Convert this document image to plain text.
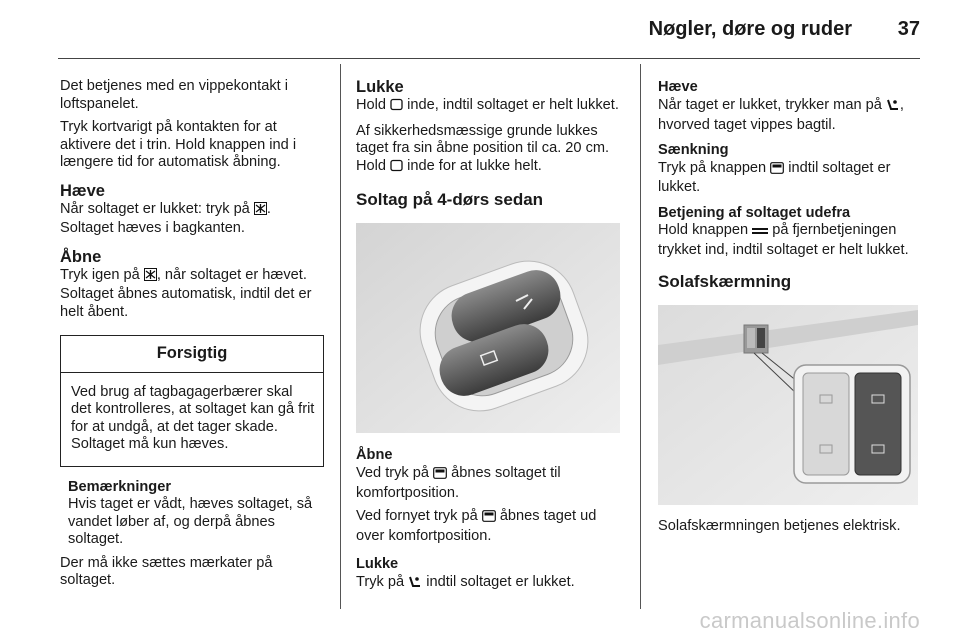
Nøgler, døre og ruder 37

Det betjenes med en vippekontakt i loftspanelet.

Tryk kortvarigt på kontakten for at aktivere det i trin. Hold knappen ind i længere tid for automatisk åbning.

Hæve

Når soltaget er lukket: tryk på . Soltaget hæves i bagkanten.

Åbne

Tryk igen på , når soltaget er hævet. Soltaget åbnes automatisk, indtil det er helt åbent.

Forsigtig
Ved brug af tagbagagerbærer skal det kontrolleres, at soltaget kan gå frit for at undgå, at det tager skade. Soltaget må kun hæves.
Bemærkninger

Hvis taget er vådt, hæves soltaget, så vandet løber af, og derpå åbnes soltaget.

Der må ikke sættes mærkater på soltaget.

Lukke

Hold inde, indtil soltaget er helt lukket.

Af sikkerhedsmæssige grunde lukkes taget fra sin åbne position til ca. 20 cm. Hold inde for at lukke helt.

Soltag på 4-dørs sedan
Åbne

Ved tryk på åbnes soltaget til komfortposition.

Ved fornyet tryk på åbnes taget ud over komfortposition.

Lukke

Tryk på indtil soltaget er lukket.

Hæve

Når taget er lukket, trykker man på , hvorved taget vippes bagtil.

Sænkning

Tryk på knappen indtil soltaget er lukket.

Betjening af soltaget udefra

Hold knappen på fjernbetjeningen trykket ind, indtil soltaget er helt lukket.

Solafskærmning

Solafskærmningen betjenes elektrisk.

carmanualsonline.info
